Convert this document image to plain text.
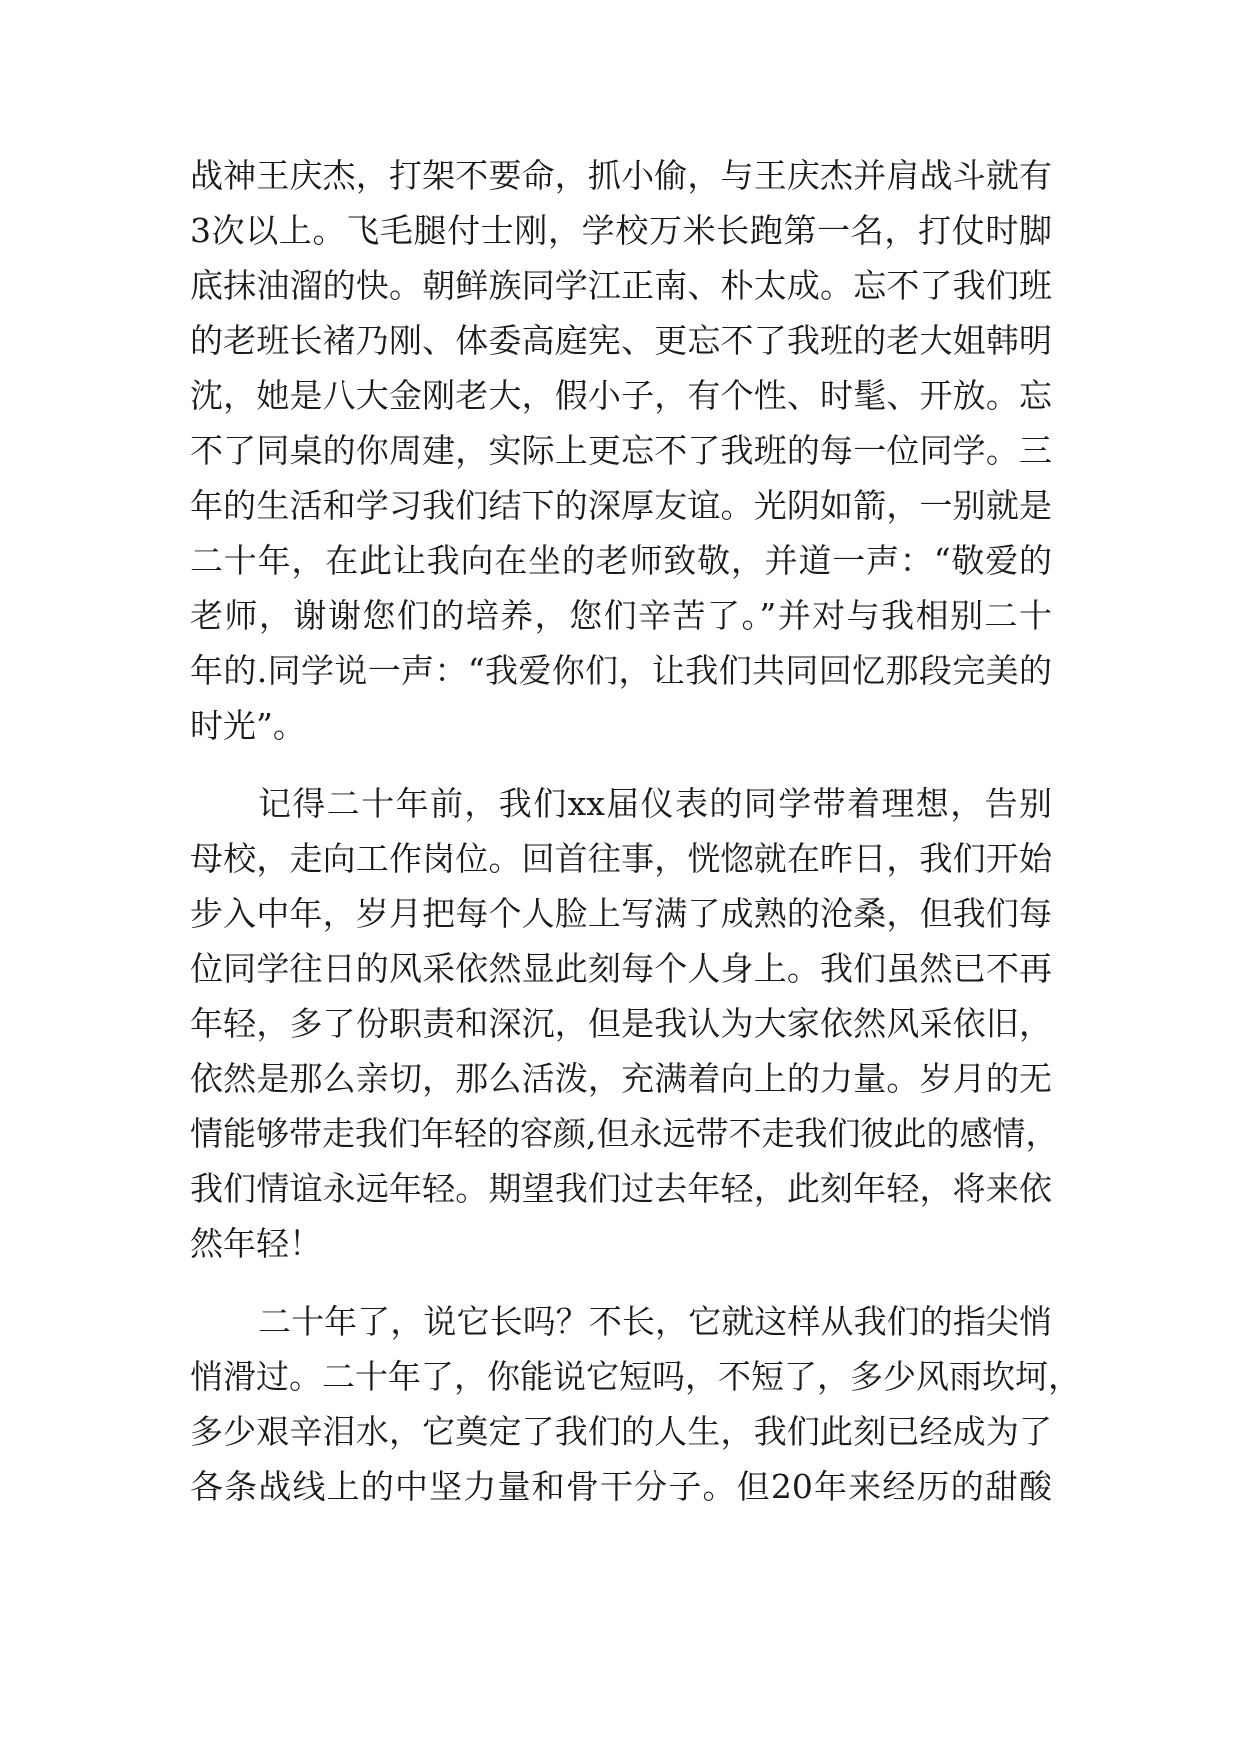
战神王庆杰，打架不要命，抓小偷，与王庆杰并肩战斗就有
3次以上。飞毛腿付士刚，学校万米长跑第一名，打仗时脚
底抹油溜的快。朝鲜族同学江正南、朴太成。忘不了我们班
的老班长褚乃刚、体委高庭宪、更忘不了我班的老大姐韩明
沈，她是八大金刚老大，假小子，有个性、时髦、开放。忘
不了同桌的你周建，实际上更忘不了我班的每一位同学。三
年的生活和学习我们结下的深厚友谊。光阴如箭，一别就是
二十年，在此让我向在坐的老师致敬，并道一声：“敬爱的
老师，谢谢您们的培养，您们辛苦了。”并对与我相别二十
年的.同学说一声：“我爱你们，让我们共同回忆那段完美的
时光”。
记得二十年前，我们xx届仪表的同学带着理想，告别
母校，走向工作岗位。回首往事，恍惚就在昨日，我们开始
步入中年，岁月把每个人脸上写满了成熟的沧桑，但我们每
位同学往日的风采依然显此刻每个人身上。我们虽然已不再
年轻，多了份职责和深沉，但是我认为大家依然风采依旧，
依然是那么亲切，那么活泼，充满着向上的力量。岁月的无
情能够带走我们年轻的容颜,但永远带不走我们彼此的感情，
我们情谊永远年轻。期望我们过去年轻，此刻年轻，将来依
然年轻！
二十年了，说它长吗？不长，它就这样从我们的指尖悄
悄滑过。二十年了，你能说它短吗，不短了，多少风雨坎坷，
多少艰辛泪水，它奠定了我们的人生，我们此刻已经成为了
各条战线上的中坚力量和骨干分子。但20年来经历的甜酸
